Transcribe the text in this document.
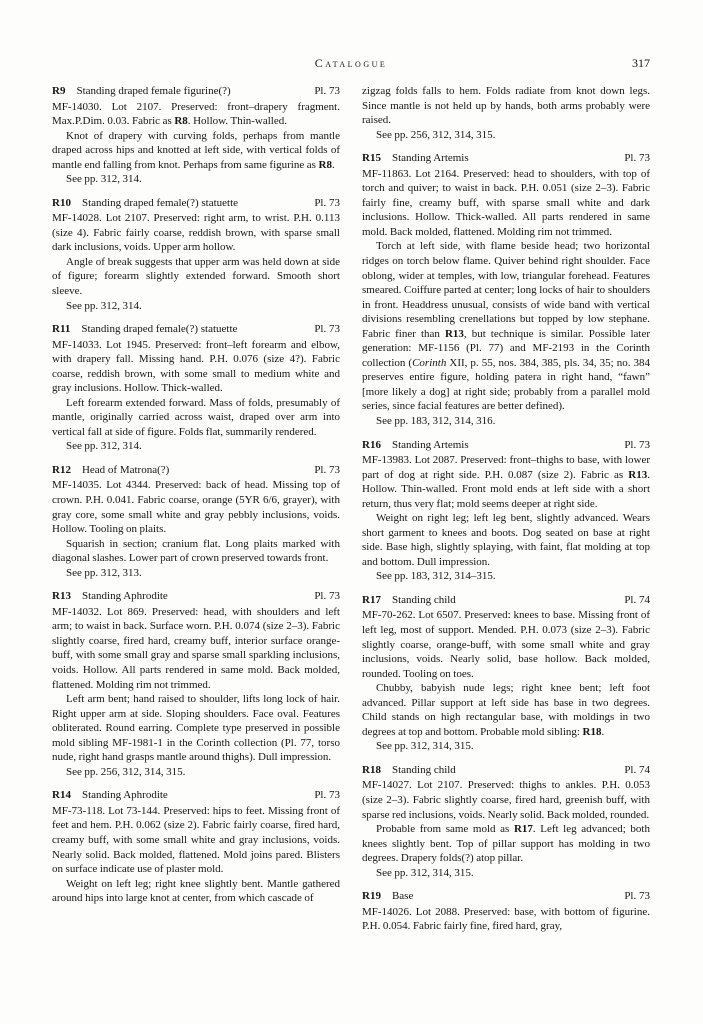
Catalogue	317
R9 Standing draped female figurine(?)	Pl. 73

MF-14030. Lot 2107. Preserved: front–drapery fragment. Max.P.Dim. 0.03. Fabric as R8. Hollow. Thin-walled.

Knot of drapery with curving folds, perhaps from mantle draped across hips and knotted at left side, with vertical folds of mantle end falling from knot. Perhaps from same figurine as R8.

See pp. 312, 314.

R10 Standing draped female(?) statuette	Pl. 73

MF-14028. Lot 2107. Preserved: right arm, to wrist. P.H. 0.113 (size 4). Fabric fairly coarse, reddish brown, with sparse small dark inclusions, voids. Upper arm hollow.

Angle of break suggests that upper arm was held down at side of figure; forearm slightly extended forward. Smooth short sleeve.

See pp. 312, 314.

R11 Standing draped female(?) statuette	Pl. 73

MF-14033. Lot 1945. Preserved: front–left forearm and elbow, with drapery fall. Missing hand. P.H. 0.076 (size 4?). Fabric coarse, reddish brown, with some small to medium white and gray inclusions. Hollow. Thick-walled.

Left forearm extended forward. Mass of folds, presumably of mantle, originally carried across waist, draped over arm into vertical fall at side of figure. Folds flat, summarily rendered.

See pp. 312, 314.

R12 Head of Matrona(?)	Pl. 73

MF-14035. Lot 4344. Preserved: back of head. Missing top of crown. P.H. 0.041. Fabric coarse, orange (5YR 6/6, grayer), with gray core, some small white and gray pebbly inclusions, voids. Hollow. Tooling on plaits.

Squarish in section; cranium flat. Long plaits marked with diagonal slashes. Lower part of crown preserved towards front.

See pp. 312, 313.

R13 Standing Aphrodite	Pl. 73

MF-14032. Lot 869. Preserved: head, with shoulders and left arm; to waist in back. Surface worn. P.H. 0.074 (size 2–3). Fabric slightly coarse, fired hard, creamy buff, interior surface orange-buff, with some small gray and sparse small sparkling inclusions, voids. Hollow. All parts rendered in same mold. Back molded, flattened. Molding rim not trimmed.

Left arm bent; hand raised to shoulder, lifts long lock of hair. Right upper arm at side. Sloping shoulders. Face oval. Features obliterated. Round earring. Complete type preserved in possible mold sibling MF-1981-1 in the Corinth collection (Pl. 77, torso nude, right hand grasps mantle around thighs). Dull impression.

See pp. 256, 312, 314, 315.

R14 Standing Aphrodite	Pl. 73

MF-73-118. Lot 73-144. Preserved: hips to feet. Missing front of feet and hem. P.H. 0.062 (size 2). Fabric fairly coarse, fired hard, creamy buff, with some small white and gray inclusions, voids. Nearly solid. Back molded, flattened. Mold joins pared. Blisters on surface indicate use of plaster mold.

Weight on left leg; right knee slightly bent. Mantle gathered around hips into large knot at center, from which cascade of

zigzag folds falls to hem. Folds radiate from knot down legs. Since mantle is not held up by hands, both arms probably were raised.

See pp. 256, 312, 314, 315.

R15 Standing Artemis	Pl. 73

MF-11863. Lot 2164. Preserved: head to shoulders, with top of torch and quiver; to waist in back. P.H. 0.051 (size 2–3). Fabric fairly fine, creamy buff, with sparse small white and dark inclusions. Hollow. Thick-walled. All parts rendered in same mold. Back molded, flattened. Molding rim not trimmed.

Torch at left side, with flame beside head; two horizontal ridges on torch below flame. Quiver behind right shoulder. Face oblong, wider at temples, with low, triangular forehead. Features smeared. Coiffure parted at center; long locks of hair to shoulders in front. Headdress unusual, consists of wide band with vertical divisions resembling crenellations but topped by low stephane. Fabric finer than R13, but technique is similar. Possible later generation: MF-1156 (Pl. 77) and MF-2193 in the Corinth collection (Corinth XII, p. 55, nos. 384, 385, pls. 34, 35; no. 384 preserves entire figure, holding patera in right hand, “fawn” [more likely a dog] at right side; probably from a parallel mold series, since facial features are better defined).

See pp. 183, 312, 314, 316.

R16 Standing Artemis	Pl. 73

MF-13983. Lot 2087. Preserved: front–thighs to base, with lower part of dog at right side. P.H. 0.087 (size 2). Fabric as R13. Hollow. Thin-walled. Front mold ends at left side with a short return, thus very flat; mold seems deeper at right side.

Weight on right leg; left leg bent, slightly advanced. Wears short garment to knees and boots. Dog seated on base at right side. Base high, slightly splaying, with faint, flat molding at top and bottom. Dull impression.

See pp. 183, 312, 314–315.

R17 Standing child	Pl. 74

MF-70-262. Lot 6507. Preserved: knees to base. Missing front of left leg, most of support. Mended. P.H. 0.073 (size 2–3). Fabric slightly coarse, orange-buff, with some small white and gray inclusions, voids. Nearly solid, base hollow. Back molded, rounded. Tooling on toes.

Chubby, babyish nude legs; right knee bent; left foot advanced. Pillar support at left side has base in two degrees. Child stands on high rectangular base, with moldings in two degrees at top and bottom. Probable mold sibling: R18.

See pp. 312, 314, 315.

R18 Standing child	Pl. 74

MF-14027. Lot 2107. Preserved: thighs to ankles. P.H. 0.053 (size 2–3). Fabric slightly coarse, fired hard, greenish buff, with sparse red inclusions, voids. Nearly solid. Back molded, rounded.

Probable from same mold as R17. Left leg advanced; both knees slightly bent. Top of pillar support has molding in two degrees. Drapery folds(?) atop pillar.

See pp. 312, 314, 315.

R19 Base	Pl. 73

MF-14026. Lot 2088. Preserved: base, with bottom of figurine. P.H. 0.054. Fabric fairly fine, fired hard, gray,
